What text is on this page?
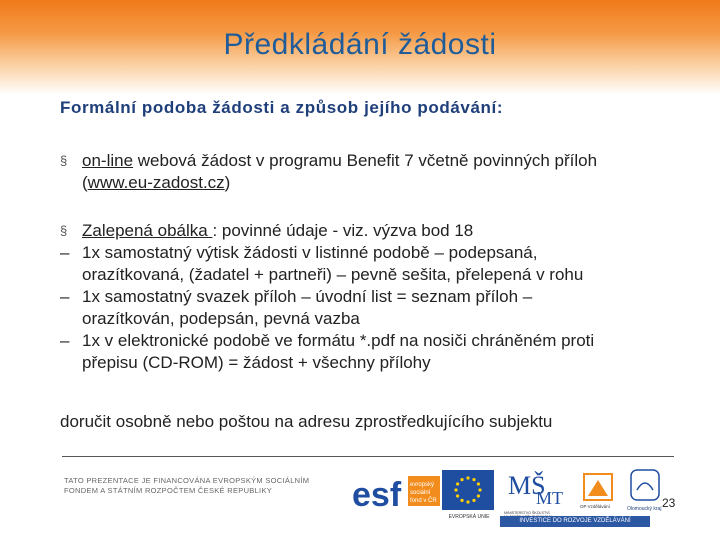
Předkládání žádosti
Formální podoba žádosti a způsob jejího podávání:
§ on-line webová žádost v programu Benefit 7 včetně povinných příloh
(www.eu-zadost.cz)
§ Zalepená obálka : povinné údaje - viz. výzva bod 18
– 1x samostatný výtisk žádosti v listinné podobě – podepsaná,
orazítkovaná, (žadatel + partneři) – pevně sešita, přelepená v rohu
– 1x samostatný svazek příloh – úvodní list = seznam příloh –
orazítkován, podepsán, pevná vazba
– 1x v elektronické podobě ve formátu *.pdf na nosiči chráněném proti
přepisu (CD-ROM) = žádost + všechny přílohy
doručit osobně nebo poštou na adresu zprostředkujícího subjektu
TATO PREZENTACE JE FINANCOVÁNA EVROPSKÝM SOCIÁLNÍM FONDEM A STÁTNÍM ROZPOČTEM ČESKÉ REPUBLIKY	esf evropský
sociální
fond v ČR
EVROPSKÁ UNIE
MŠ
MT
MINISTERSTVO ŠKOLSTVÍ,
INVESTICE DO ROZVOJE VZDĚLÁVÁNÍ
OP Vzdělávání	Olomoucký kraj 23
